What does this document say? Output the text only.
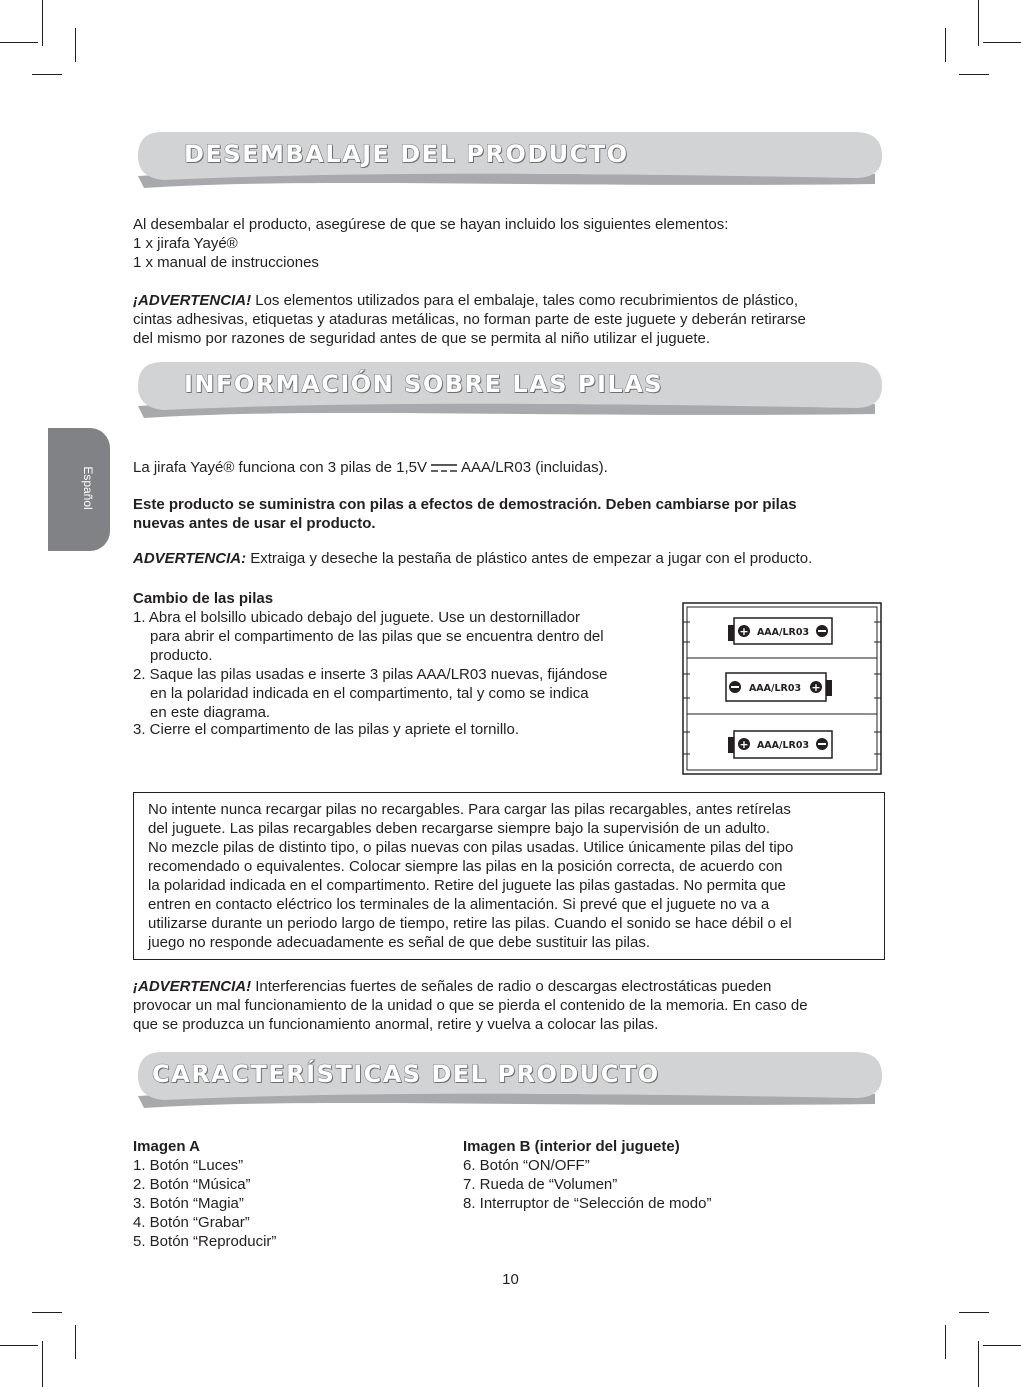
Español
DESEMBALAJE DEL PRODUCTO
Al desembalar el producto, asegúrese de que se hayan incluido los siguientes elementos:
1 x jirafa Yayé®
1 x manual de instrucciones
¡ADVERTENCIA! Los elementos utilizados para el embalaje, tales como recubrimientos de plástico,
cintas adhesivas, etiquetas y ataduras metálicas, no forman parte de este juguete y deberán retirarse
del mismo por razones de seguridad antes de que se permita al niño utilizar el juguete.
INFORMACIÓN SOBRE LAS PILAS
La jirafa Yayé® funciona con 3 pilas de 1,5V AAA/LR03 (incluidas).
Este producto se suministra con pilas a efectos de demostración. Deben cambiarse por pilas
nuevas antes de usar el producto.
ADVERTENCIA: Extraiga y deseche la pestaña de plástico antes de empezar a jugar con el producto.
Cambio de las pilas
1. Abra el bolsillo ubicado debajo del juguete. Use un destornillador
para abrir el compartimento de las pilas que se encuentra dentro del
producto.
2. Saque las pilas usadas e inserte 3 pilas AAA/LR03 nuevas, fijándose
en la polaridad indicada en el compartimento, tal y como se indica
en este diagrama.
3. Cierre el compartimento de las pilas y apriete el tornillo.
+ AAA/LR03
+
AAA/LR03
+ AAA/LR03
No intente nunca recargar pilas no recargables. Para cargar las pilas recargables, antes retírelas
del juguete. Las pilas recargables deben recargarse siempre bajo la supervisión de un adulto.
No mezcle pilas de distinto tipo, o pilas nuevas con pilas usadas. Utilice únicamente pilas del tipo
recomendado o equivalentes. Colocar siempre las pilas en la posición correcta, de acuerdo con
la polaridad indicada en el compartimento. Retire del juguete las pilas gastadas. No permita que
entren en contacto eléctrico los terminales de la alimentación. Si prevé que el juguete no va a
utilizarse durante un periodo largo de tiempo, retire las pilas. Cuando el sonido se hace débil o el
juego no responde adecuadamente es señal de que debe sustituir las pilas.
¡ADVERTENCIA! Interferencias fuertes de señales de radio o descargas electrostáticas pueden
provocar un mal funcionamiento de la unidad o que se pierda el contenido de la memoria. En caso de
que se produzca un funcionamiento anormal, retire y vuelva a colocar las pilas.
CARACTERÍSTICAS DEL PRODUCTO
Imagen A
1. Botón “Luces”
2. Botón “Música”
3. Botón “Magia”
4. Botón “Grabar”
5. Botón “Reproducir”
Imagen B (interior del juguete)
6. Botón “ON/OFF”
7. Rueda de “Volumen”
8. Interruptor de “Selección de modo”
10
